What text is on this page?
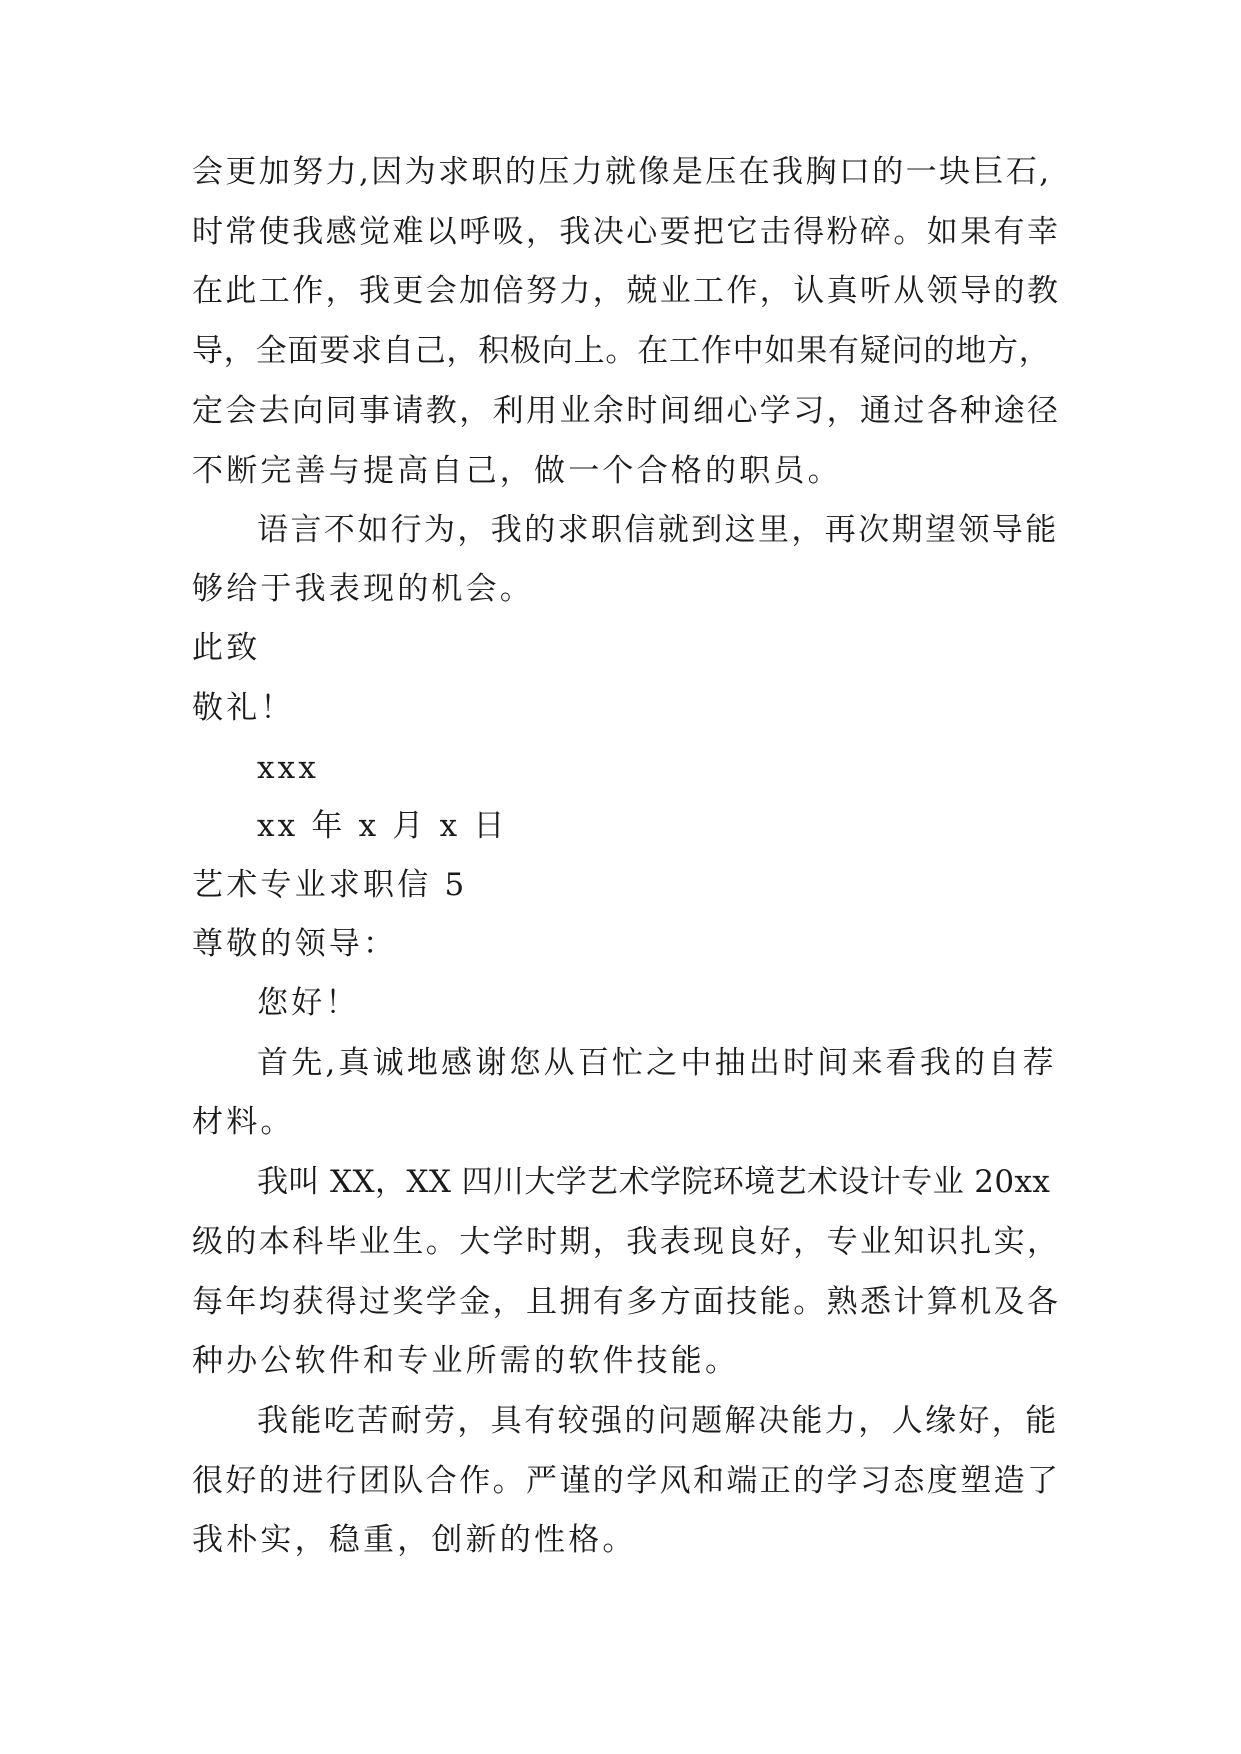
会更加努力,因为求职的压力就像是压在我胸口的一块巨石,
时常使我感觉难以呼吸，我决心要把它击得粉碎。如果有幸
在此工作，我更会加倍努力，兢业工作，认真听从领导的教
导，全面要求自己，积极向上。在工作中如果有疑问的地方，
定会去向同事请教，利用业余时间细心学习，通过各种途径
不断完善与提高自己，做一个合格的职员。
语言不如行为，我的求职信就到这里，再次期望领导能
够给于我表现的机会。
此致
敬礼！
xxx
xx 年 x 月 x 日
艺术专业求职信 5
尊敬的领导：
您好！
首先,真诚地感谢您从百忙之中抽出时间来看我的自荐
材料。
我叫 XX，XX 四川大学艺术学院环境艺术设计专业 20xx
级的本科毕业生。大学时期，我表现良好，专业知识扎实，
每年均获得过奖学金，且拥有多方面技能。熟悉计算机及各
种办公软件和专业所需的软件技能。
我能吃苦耐劳，具有较强的问题解决能力，人缘好，能
很好的进行团队合作。严谨的学风和端正的学习态度塑造了
我朴实，稳重，创新的性格。
